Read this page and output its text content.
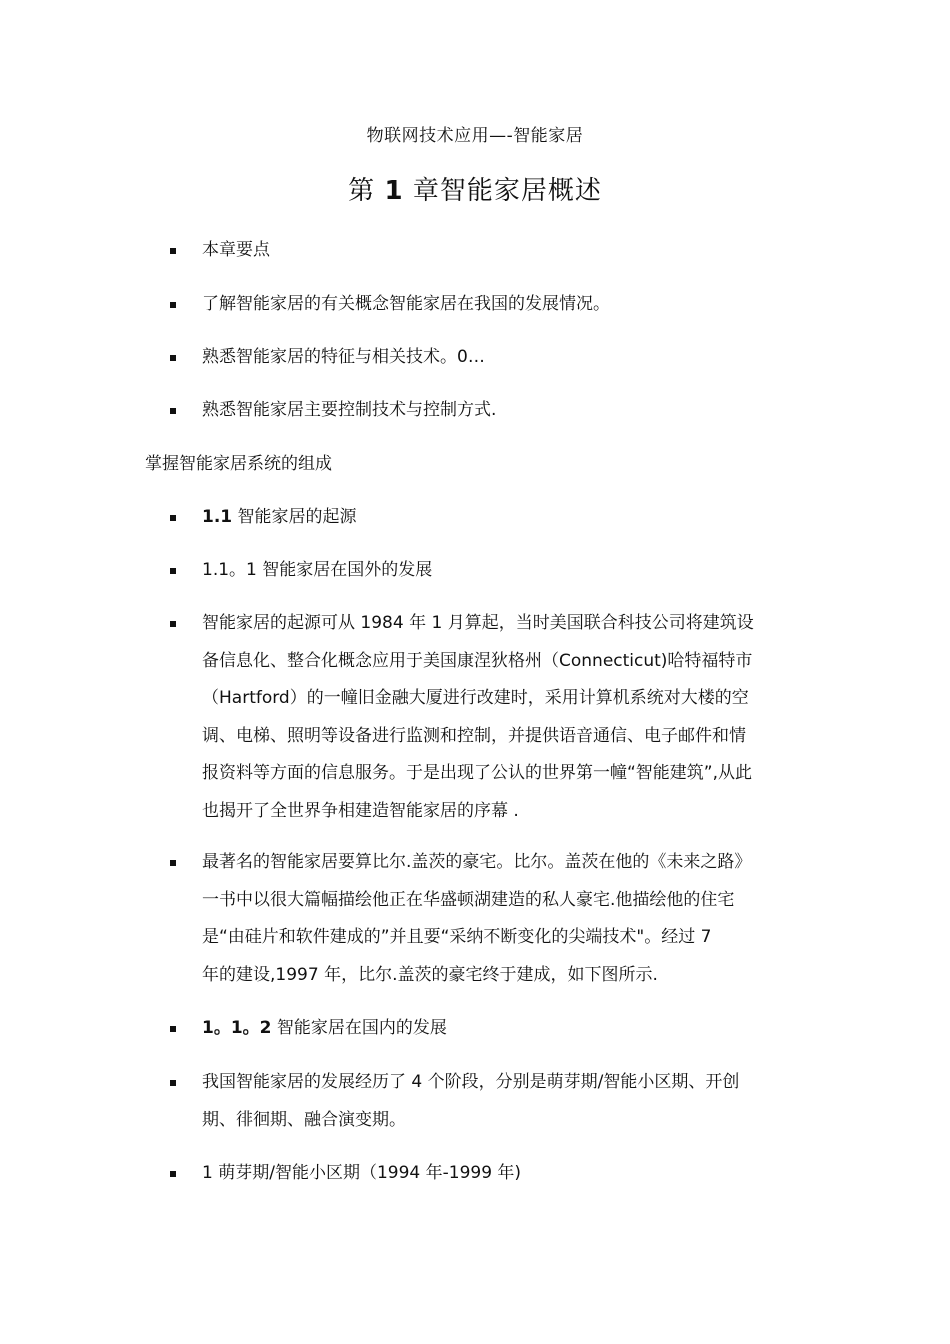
物联网技术应用—-智能家居
第 1 章智能家居概述
本章要点
了解智能家居的有关概念智能家居在我国的发展情况。
熟悉智能家居的特征与相关技术。0…
熟悉智能家居主要控制技术与控制方式.
掌握智能家居系统的组成
1.1 智能家居的起源
1.1。1 智能家居在国外的发展
智能家居的起源可从 1984 年 1 月算起，当时美国联合科技公司将建筑设
备信息化、整合化概念应用于美国康涅狄格州（Connecticut)哈特福特市
（Hartford）的一幢旧金融大厦进行改建时，采用计算机系统对大楼的空
调、电梯、照明等设备进行监测和控制，并提供语音通信、电子邮件和情
报资料等方面的信息服务。于是出现了公认的世界第一幢“智能建筑”,从此
也揭开了全世界争相建造智能家居的序幕 .
最著名的智能家居要算比尔.盖茨的豪宅。比尔。盖茨在他的《未来之路》
一书中以很大篇幅描绘他正在华盛顿湖建造的私人豪宅.他描绘他的住宅
是“由硅片和软件建成的”并且要“采纳不断变化的尖端技术"。经过 7
年的建设,1997 年，比尔.盖茨的豪宅终于建成，如下图所示.
1。1。2 智能家居在国内的发展
我国智能家居的发展经历了 4 个阶段，分别是萌芽期/智能小区期、开创
期、徘徊期、融合演变期。
1 萌芽期/智能小区期（1994 年-1999 年)
